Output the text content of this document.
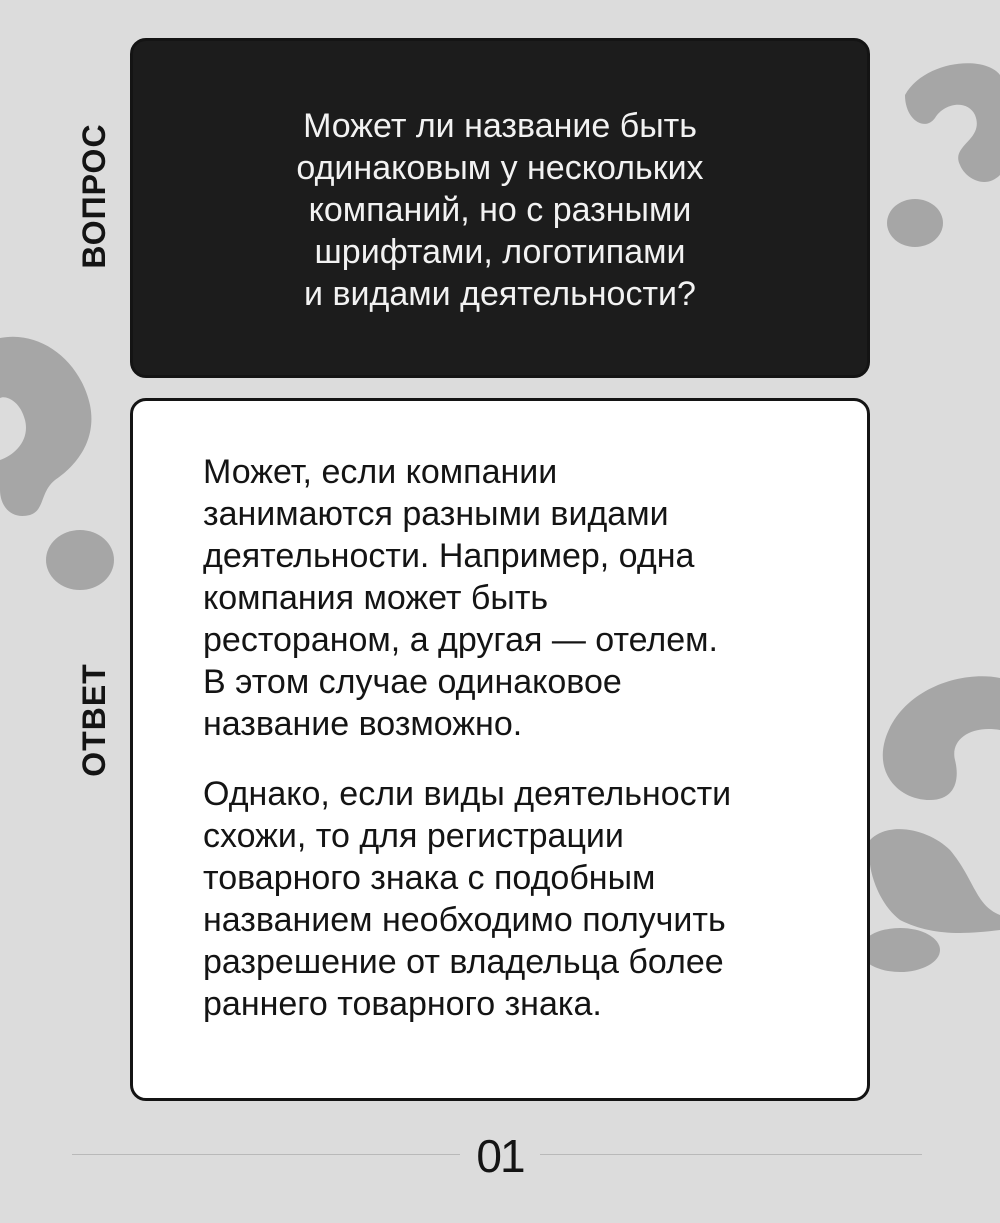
ВОПРОС
ОТВЕТ
Может ли название быть
одинаковым у нескольких
компаний, но с разными
шрифтами, логотипами
и видами деятельности?
Может, если компании
занимаются разными видами
деятельности. Например, одна
компания может быть
рестораном, а другая — отелем.
В этом случае одинаковое
название возможно.
Однако, если виды деятельности
схожи, то для регистрации
товарного знака с подобным
названием необходимо получить
разрешение от владельца более
раннего товарного знака.
01
